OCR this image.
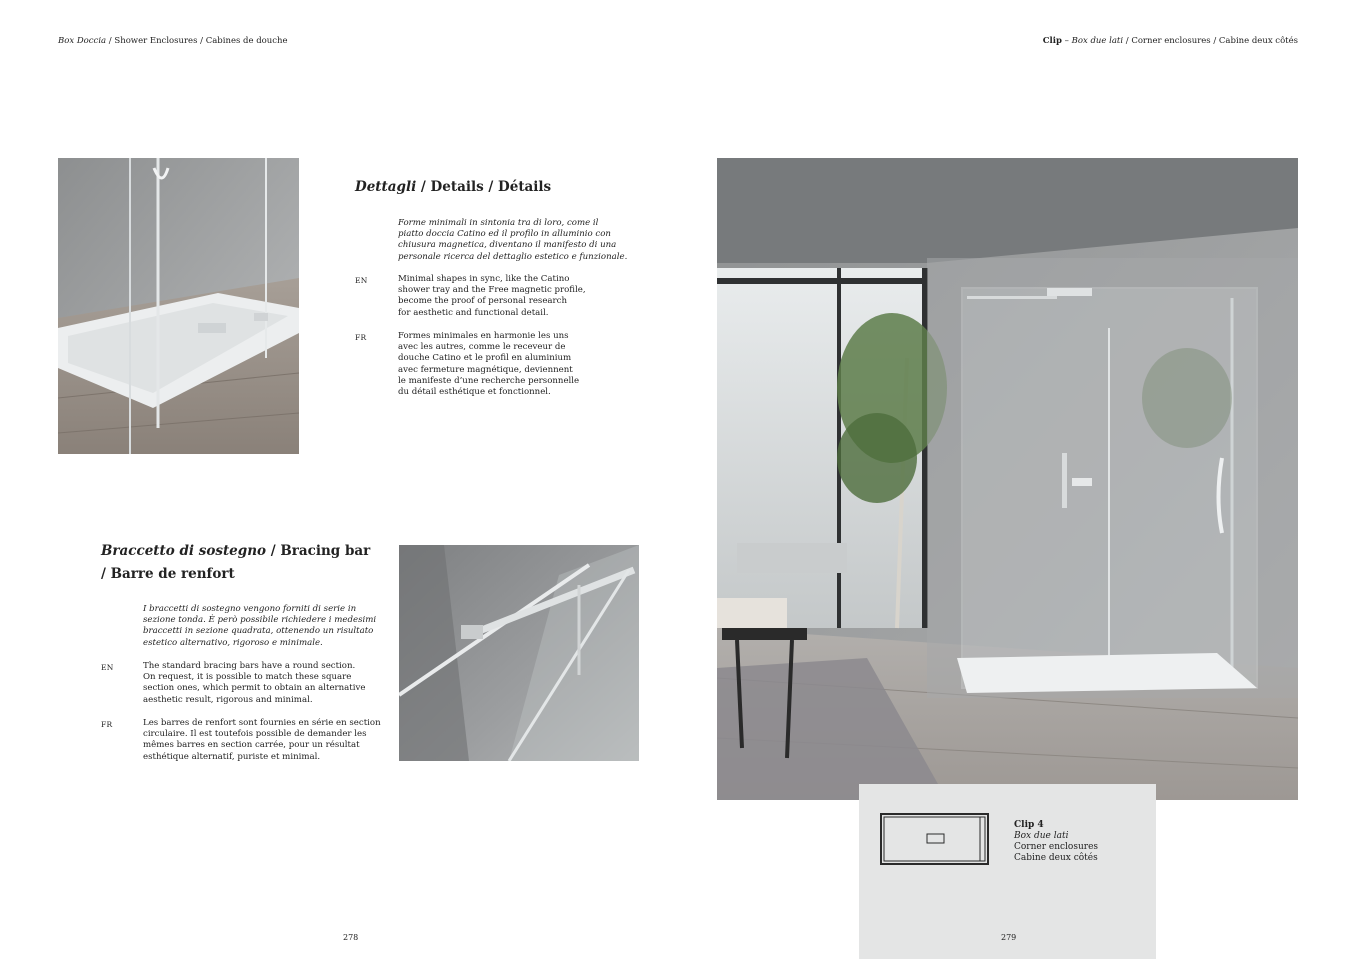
Box Doccia / Shower Enclosures / Cabines de douche	Clip – Box due lati / Corner enclosures / Cabine deux côtés
Dettagli / Details / Détails
Forme minimali in sintonia tra di loro, come il
piatto doccia Catino ed il profilo in alluminio con
chiusura magnetica, diventano il manifesto di una
personale ricerca del dettaglio estetico e funzionale.
EN	Minimal shapes in sync, like the Catino
shower tray and the Free magnetic profile,
become the proof of personal research
for aesthetic and functional detail.
FR	Formes minimales en harmonie les uns
avec les autres, comme le receveur de
douche Catino et le profil en aluminium
avec fermeture magnétique, deviennent
le manifeste d’une recherche personnelle
du détail esthétique et fonctionnel.
Braccetto di sostegno / Bracing bar
/ Barre de renfort
I braccetti di sostegno vengono forniti di serie in
sezione tonda. È però possibile richiedere i medesimi
braccetti in sezione quadrata, ottenendo un risultato
estetico alternativo, rigoroso e minimale.
EN	The standard bracing bars have a round section.
On request, it is possible to match these square
section ones, which permit to obtain an alternative
aesthetic result, rigorous and minimal.
FR	Les barres de renfort sont fournies en série en section
circulaire. Il est toutefois possible de demander les
mêmes barres en section carrée, pour un résultat
esthétique alternatif, puriste et minimal.
Clip 4
Box due lati
Corner enclosures
Cabine deux côtés
278	279
